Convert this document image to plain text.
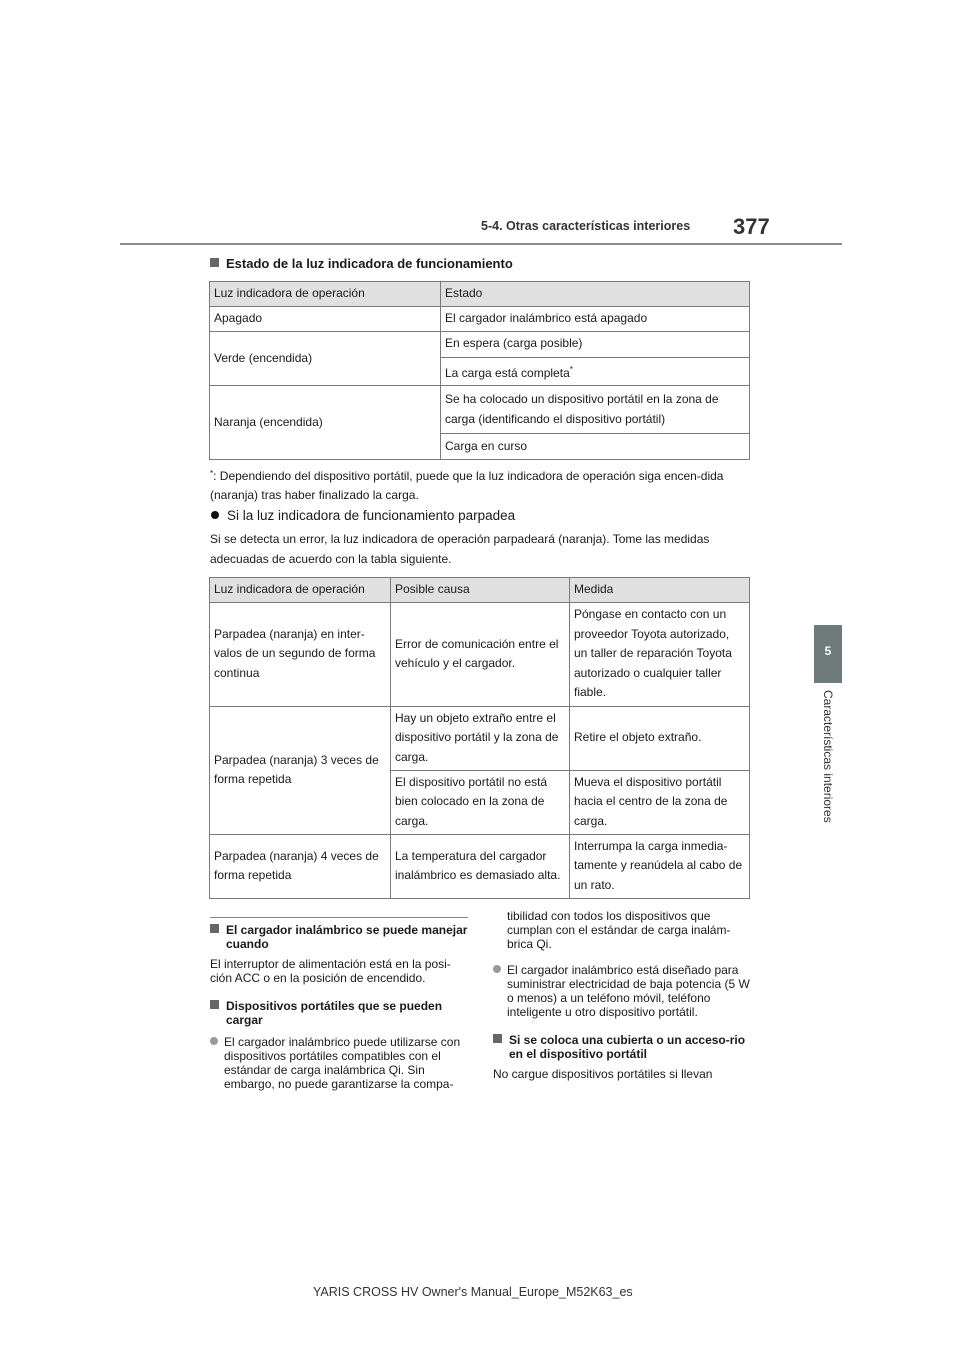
5-4. Otras características interiores 377
5
Características interiores
Estado de la luz indicadora de funcionamiento
Luz indicadora de operación	Estado
Apagado	El cargador inalámbrico está apagado
Verde (encendida)	En espera (carga posible)
	La carga está completa*
Naranja (encendida)	Se ha colocado un dispositivo portátil en la zona de carga (identificando el dispositivo portátil)
	Carga en curso
*: Dependiendo del dispositivo portátil, puede que la luz indicadora de operación siga encen-dida (naranja) tras haber finalizado la carga.
Si la luz indicadora de funcionamiento parpadea
Si se detecta un error, la luz indicadora de operación parpadeará (naranja). Tome las medidas adecuadas de acuerdo con la tabla siguiente.
Luz indicadora de operación	Posible causa	Medida
Parpadea (naranja) en inter-valos de un segundo de forma continua	Error de comunicación entre el vehículo y el cargador.	Póngase en contacto con un proveedor Toyota autorizado, un taller de reparación Toyota autorizado o cualquier taller fiable.
Parpadea (naranja) 3 veces de forma repetida	Hay un objeto extraño entre el dispositivo portátil y la zona de carga.	Retire el objeto extraño.
	El dispositivo portátil no está bien colocado en la zona de carga.	Mueva el dispositivo portátil hacia el centro de la zona de carga.
Parpadea (naranja) 4 veces de forma repetida	La temperatura del cargador inalámbrico es demasiado alta.	Interrumpa la carga inmedia-tamente y reanúdela al cabo de un rato.

El cargador inalámbrico se puede manejar cuando

El interruptor de alimentación está en la posi-ción ACC o en la posición de encendido.

Dispositivos portátiles que se pueden cargar

El cargador inalámbrico puede utilizarse con dispositivos portátiles compatibles con el estándar de carga inalámbrica Qi. Sin embargo, no puede garantizarse la compa-

tibilidad con todos los dispositivos que cumplan con el estándar de carga inalám-brica Qi.

El cargador inalámbrico está diseñado para suministrar electricidad de baja potencia (5 W o menos) a un teléfono móvil, teléfono inteligente u otro dispositivo portátil.

Si se coloca una cubierta o un acceso-rio en el dispositivo portátil

No cargue dispositivos portátiles si llevan

YARIS CROSS HV Owner's Manual_Europe_M52K63_es
